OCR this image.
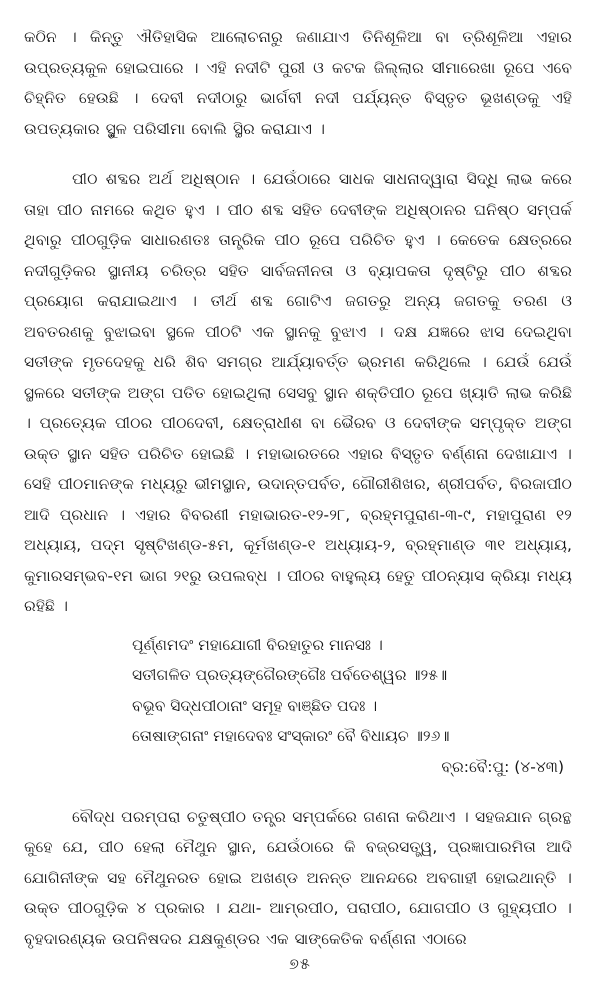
କଠିନ । କିନ୍ତୁ ଐତିହାସିକ ଆଲୋଚନାରୁ ଜଣାଯାଏ ତିନିଶୂଳିଆ ବା ତ୍ରିଶୂଳିଆ ଏହାର ଉପ୍ରତ୍ୟକୁଳ ହୋଇପାରେ । ଏହି ନଦୀଟି ପୁରୀ ଓ କଟକ ଜିଲ୍ଲାର ସୀମାରେଖା ରୂପେ ଏବେ ଚିହ୍ନିତ ହେଉଛି । ଦେବୀ ନଦୀଠାରୁ ଭାର୍ଗବୀ ନଦୀ ପର୍ଯ୍ୟନ୍ତ ବିସ୍ତୃତ ଭୂଖଣ୍ଡକୁ ଏହି ଉପତ୍ୟକାର ସ୍ଥୁଳ ପରିସୀମା ବୋଲି ସ୍ଥିର କରାଯାଏ ।

ପୀଠ ଶବ୍ଦର ଅର୍ଥ ଅଧିଷ୍ଠାନ । ଯେଉଁଠାରେ ସାଧକ ସାଧନାଦ୍ୱାରା ସିଦ୍ଧି ଲାଭ କରେ ତାହା ପୀଠ ନାମରେ କଥିତ ହୁଏ । ପୀଠ ଶବ୍ଦ ସହିତ ଦେବୀଙ୍କ ଅଧିଷ୍ଠାନର ଘନିଷ୍ଠ ସମ୍ପର୍କ ଥିବାରୁ ପୀଠଗୁଡ଼ିକ ସାଧାରଣତଃ ତାନ୍ତ୍ରିକ ପୀଠ ରୂପେ ପରିଚିତ ହୁଏ । କେତେକ କ୍ଷେତ୍ରରେ ନଦୀଗୁଡ଼ିକର ସ୍ଥାନୀୟ ଚରିତ୍ର ସହିତ ସାର୍ବଜନୀନତା ଓ ବ୍ୟାପକତା ଦୃଷ୍ଟିରୁ ପୀଠ ଶବ୍ଦର ପ୍ରୟୋଗ କରାଯାଇଥାଏ । ତୀର୍ଥ ଶବ୍ଦ ଗୋଟିଏ ଜଗତରୁ ଅନ୍ୟ ଜଗତକୁ ତରଣ ଓ ଅବତରଣକୁ ବୁଝାଇବା ସ୍ଥଳେ ପୀଠଟି ଏକ ସ୍ଥାନକୁ ବୁଝାଏ । ଦକ୍ଷ ଯଜ୍ଞରେ ଝାସ ଦେଇଥିବା ସତୀଙ୍କ ମୃତଦେହକୁ ଧରି ଶିବ ସମଗ୍ର ଆର୍ଯ୍ୟାବର୍ତ୍ତ ଭ୍ରମଣ କରିଥିଲେ । ଯେଉଁ ଯେଉଁ ସ୍ଥଳରେ ସତୀଙ୍କ ଅଙ୍ଗ ପତିତ ହୋଇଥିଲା ସେସବୁ ସ୍ଥାନ ଶକ୍ତିପୀଠ ରୂପେ ଖ୍ୟାତି ଲାଭ କରିଛି । ପ୍ରତ୍ୟେକ ପୀଠର ପୀଠଦେବୀ, କ୍ଷେତ୍ରାଧୀଶ ବା ଭୈରବ ଓ ଦେବୀଙ୍କ ସମ୍ପୃକ୍ତ ଅଙ୍ଗ ଉକ୍ତ ସ୍ଥାନ ସହିତ ପରିଚିତ ହୋଇଛି । ମହାଭାରତରେ ଏହାର ବିସ୍ତୃତ ବର୍ଣ୍ଣନା ଦେଖାଯାଏ । ସେହି ପୀଠମାନଙ୍କ ମଧ୍ୟରୁ ଭୀମସ୍ଥାନ, ଉଦାନ୍ତପର୍ବତ, ଗୌରୀଶିଖର, ଶ୍ରୀପର୍ବତ, ବିରଜାପୀଠ ଆଦି ପ୍ରଧାନ । ଏହାର ବିବରଣୀ ମହାଭାରତ-୧୨-୨୮, ବ୍ରହ୍ମପୁରାଣ-୩-୯, ମହାପୁରାଣ ୧୨ ଅଧ୍ୟାୟ, ପଦ୍ମ ସୃଷ୍ଟିଖଣ୍ଡ-୫ମ, କୂର୍ମଖଣ୍ଡ-୧ ଅଧ୍ୟାୟ-୨, ବ୍ରହ୍ମାଣ୍ଡ ୩୧ ଅଧ୍ୟାୟ, କୁମାରସମ୍ଭବ-୧ମ ଭାଗ ୨୧ରୁ ଉପଲବ୍ଧ । ପୀଠର ବାହୁଲ୍ୟ ହେତୁ ପୀଠନ୍ୟାସ କ୍ରିୟା ମଧ୍ୟ ରହିଛି ।

ପୂର୍ଣ୍ଣମଦଂ ମହାଯୋଗୀ ବିରହାତୁର ମାନସଃ ।
ସତୀଗଳିତ ପ୍ରତ୍ୟଙ୍ଗୈରଙ୍ଗୈଃ ପର୍ବତେଶ୍ୱର ॥୨୫॥
ବଭୂବ ସିଦ୍ଧପୀଠାନାଂ ସମୂହ ବାଞ୍ଛିତ ପଦଃ ।
ତୋଷାଙ୍ଗନାଂ ମହାଦେବଃ ସଂସ୍କାରଂ ବୈ ବିଧାୟଚ ॥୨୬॥
ବ୍ର:ବୈ:ପୁ: (୪-୪୩)

ବୌଦ୍ଧ ପରମ୍ପରା ଚତୁଷ୍ପୀଠ ତନ୍ତ୍ର ସମ୍ପର୍କରେ ଗଣନା କରିଥାଏ । ସହଜଯାନ ଗ୍ରନ୍ଥ କୁହେ ଯେ, ପୀଠ ହେଲା ମୈଥୁନ ସ୍ଥାନ, ଯେଉଁଠାରେ କି ବଜ୍ରସତ୍ତ୍ୱ, ପ୍ରଜ୍ଞାପାରମିତା ଆଦି ଯୋଗିନୀଙ୍କ ସହ ମୈଥୁନରତ ହୋଇ ଅଖଣ୍ଡ ଅନନ୍ତ ଆନନ୍ଦରେ ଅବଗାହୀ ହୋଇଥାନ୍ତି । ଉକ୍ତ ପୀଠଗୁଡ଼ିକ ୪ ପ୍ରକାର । ଯଥା- ଆମ୍ରପୀଠ, ପରାପୀଠ, ଯୋଗପୀଠ ଓ ଗୁହ୍ୟପୀଠ । ବୃହଦାରଣ୍ୟକ ଉପନିଷଦର ଯକ୍ଷକୁଣ୍ଡର ଏକ ସାଙ୍କେତିକ ବର୍ଣ୍ଣନା ଏଠାରେ

୭୫
